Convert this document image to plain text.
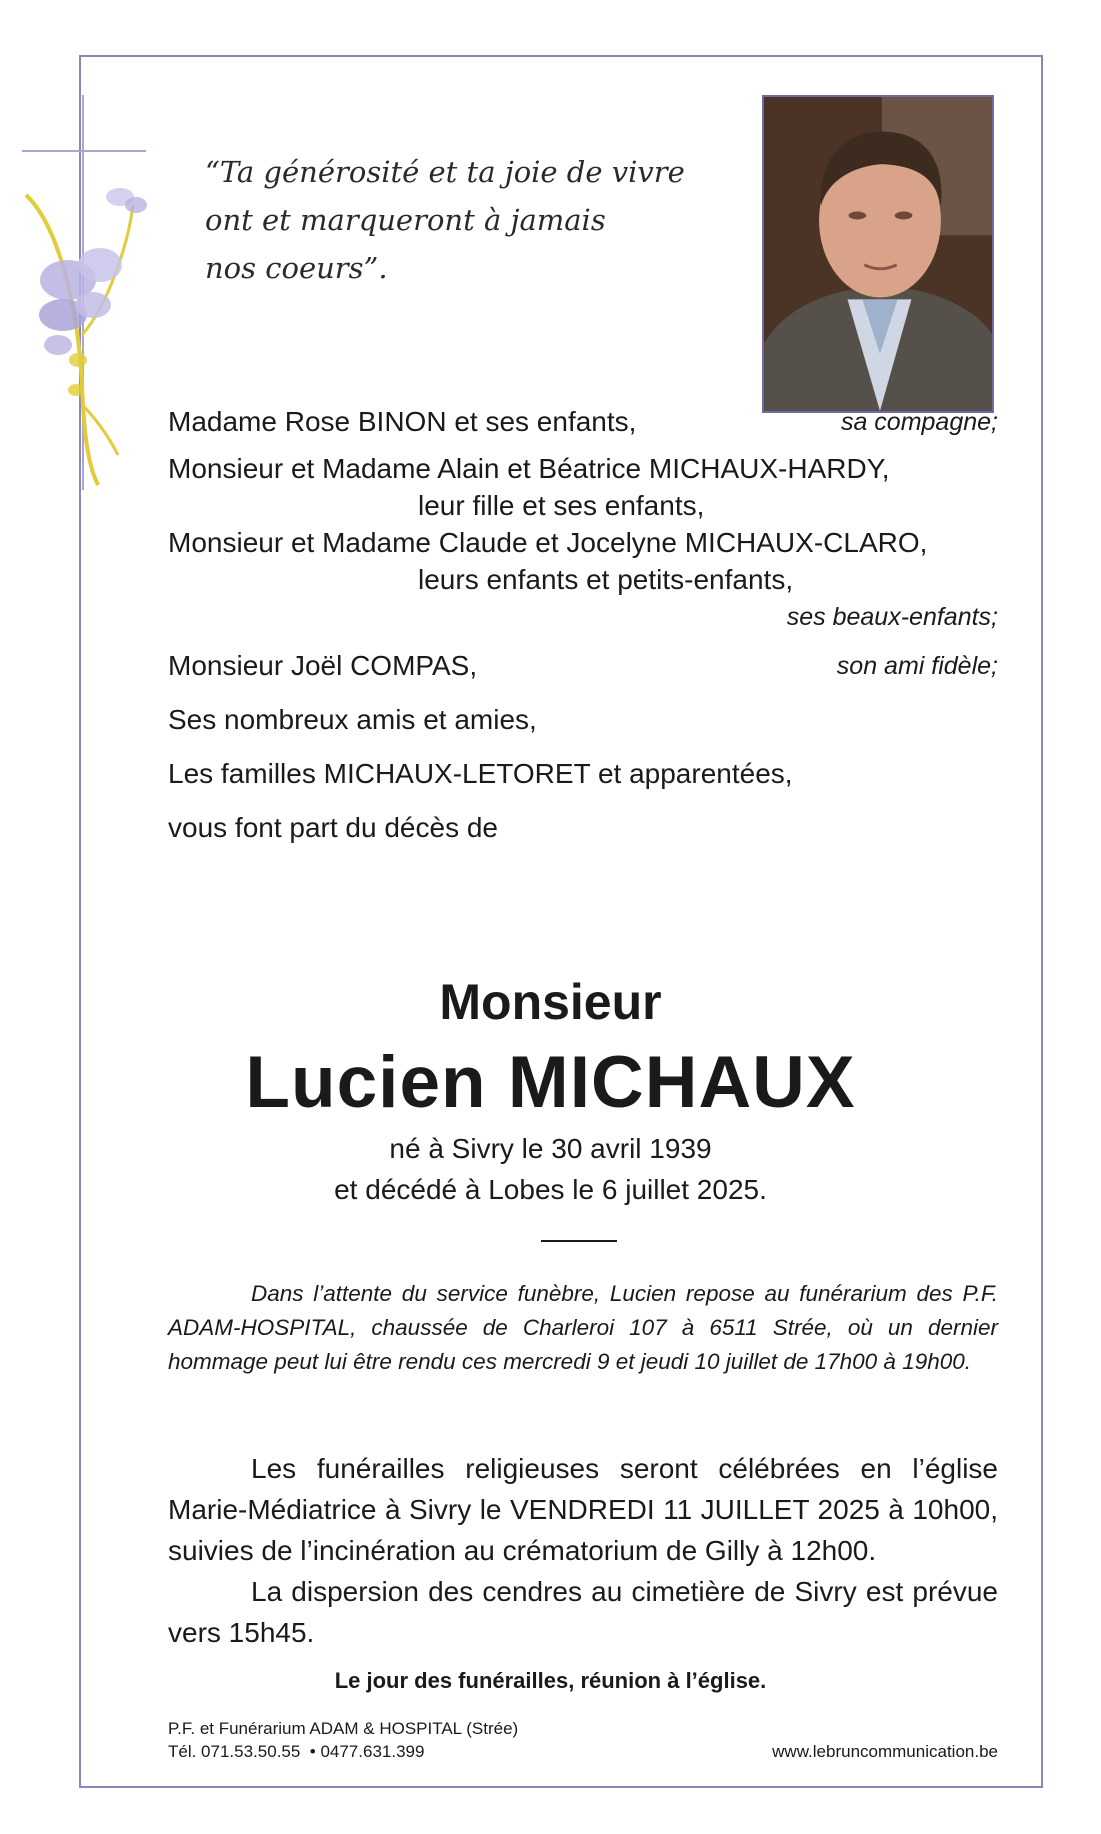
“Ta générosité et ta joie de vivre
ont et marqueront à jamais
nos coeurs”.
Madame Rose BINON et ses enfants,	sa compagne;
Monsieur et Madame Alain et Béatrice MICHAUX-HARDY,
leur fille et ses enfants,
Monsieur et Madame Claude et Jocelyne MICHAUX-CLARO,
leurs enfants et petits-enfants,
ses beaux-enfants;
Monsieur Joël COMPAS,	son ami fidèle;
Ses nombreux amis et amies,
Les familles MICHAUX-LETORET et apparentées,
vous font part du décès de
Monsieur
Lucien MICHAUX
né à Sivry le 30 avril 1939
et décédé à Lobes le 6 juillet 2025.
Dans l’attente du service funèbre, Lucien repose au funérarium des P.F. ADAM-HOSPITAL, chaussée de Charleroi 107 à 6511 Strée, où un dernier hommage peut lui être rendu ces mercredi 9 et jeudi 10 juillet de 17h00 à 19h00.
Les funérailles religieuses seront célébrées en l’église Marie-Médiatrice à Sivry le VENDREDI 11 JUILLET 2025 à 10h00, suivies de l’incinération au crématorium de Gilly à 12h00.
La dispersion des cendres au cimetière de Sivry est prévue vers 15h45.
Le jour des funérailles, réunion à l’église.
P.F. et Funérarium ADAM & HOSPITAL (Strée)
Tél. 071.53.50.55  • 0477.631.399	www.lebruncommunication.be
